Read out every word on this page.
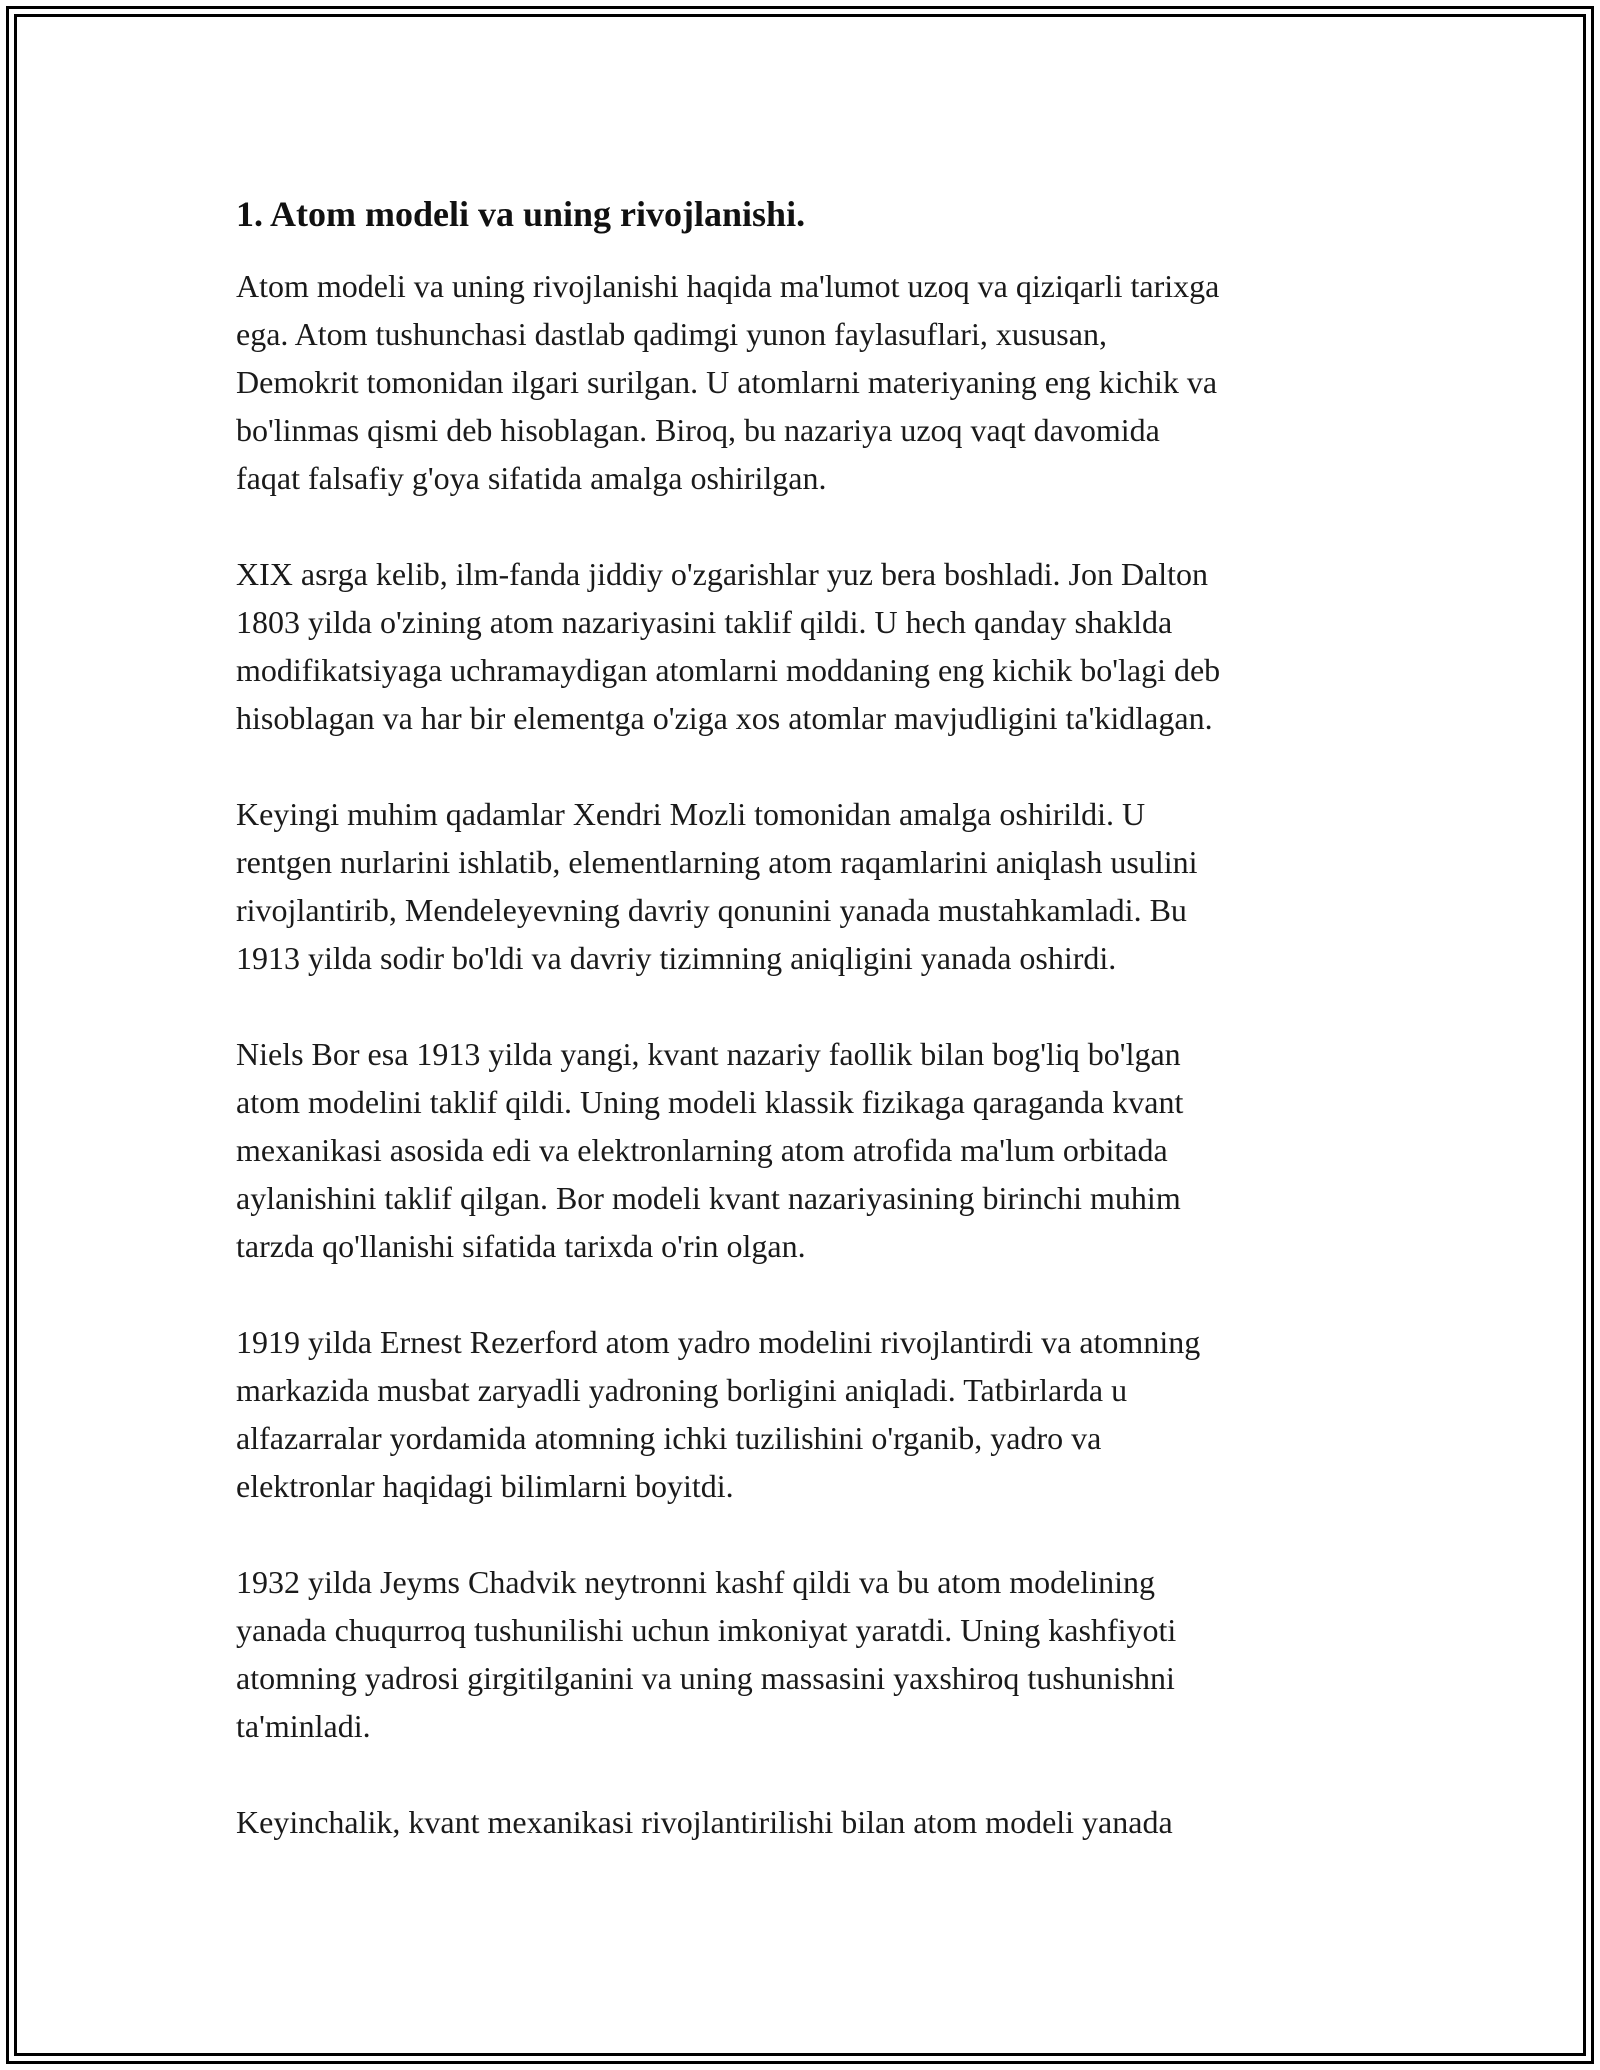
1. Atom modeli va uning rivojlanishi.

Atom modeli va uning rivojlanishi haqida ma'lumot uzoq va qiziqarli tarixga
ega. Atom tushunchasi dastlab qadimgi yunon faylasuflari, xususan,
Demokrit tomonidan ilgari surilgan. U atomlarni materiyaning eng kichik va
bo'linmas qismi deb hisoblagan. Biroq, bu nazariya uzoq vaqt davomida
faqat falsafiy g'oya sifatida amalga oshirilgan.

XIX asrga kelib, ilm-fanda jiddiy o'zgarishlar yuz bera boshladi. Jon Dalton
1803 yilda o'zining atom nazariyasini taklif qildi. U hech qanday shaklda
modifikatsiyaga uchramaydigan atomlarni moddaning eng kichik bo'lagi deb
hisoblagan va har bir elementga o'ziga xos atomlar mavjudligini ta'kidlagan.

Keyingi muhim qadamlar Xendri Mozli tomonidan amalga oshirildi. U
rentgen nurlarini ishlatib, elementlarning atom raqamlarini aniqlash usulini
rivojlantirib, Mendeleyevning davriy qonunini yanada mustahkamladi. Bu
1913 yilda sodir bo'ldi va davriy tizimning aniqligini yanada oshirdi.

Niels Bor esa 1913 yilda yangi, kvant nazariy faollik bilan bog'liq bo'lgan
atom modelini taklif qildi. Uning modeli klassik fizikaga qaraganda kvant
mexanikasi asosida edi va elektronlarning atom atrofida ma'lum orbitada
aylanishini taklif qilgan. Bor modeli kvant nazariyasining birinchi muhim
tarzda qo'llanishi sifatida tarixda o'rin olgan.

1919 yilda Ernest Rezerford atom yadro modelini rivojlantirdi va atomning
markazida musbat zaryadli yadroning borligini aniqladi. Tatbirlarda u
alfazarralar yordamida atomning ichki tuzilishini o'rganib, yadro va
elektronlar haqidagi bilimlarni boyitdi.

1932 yilda Jeyms Chadvik neytronni kashf qildi va bu atom modelining
yanada chuqurroq tushunilishi uchun imkoniyat yaratdi. Uning kashfiyoti
atomning yadrosi girgitilganini va uning massasini yaxshiroq tushunishni
ta'minladi.

Keyinchalik, kvant mexanikasi rivojlantirilishi bilan atom modeli yanada
